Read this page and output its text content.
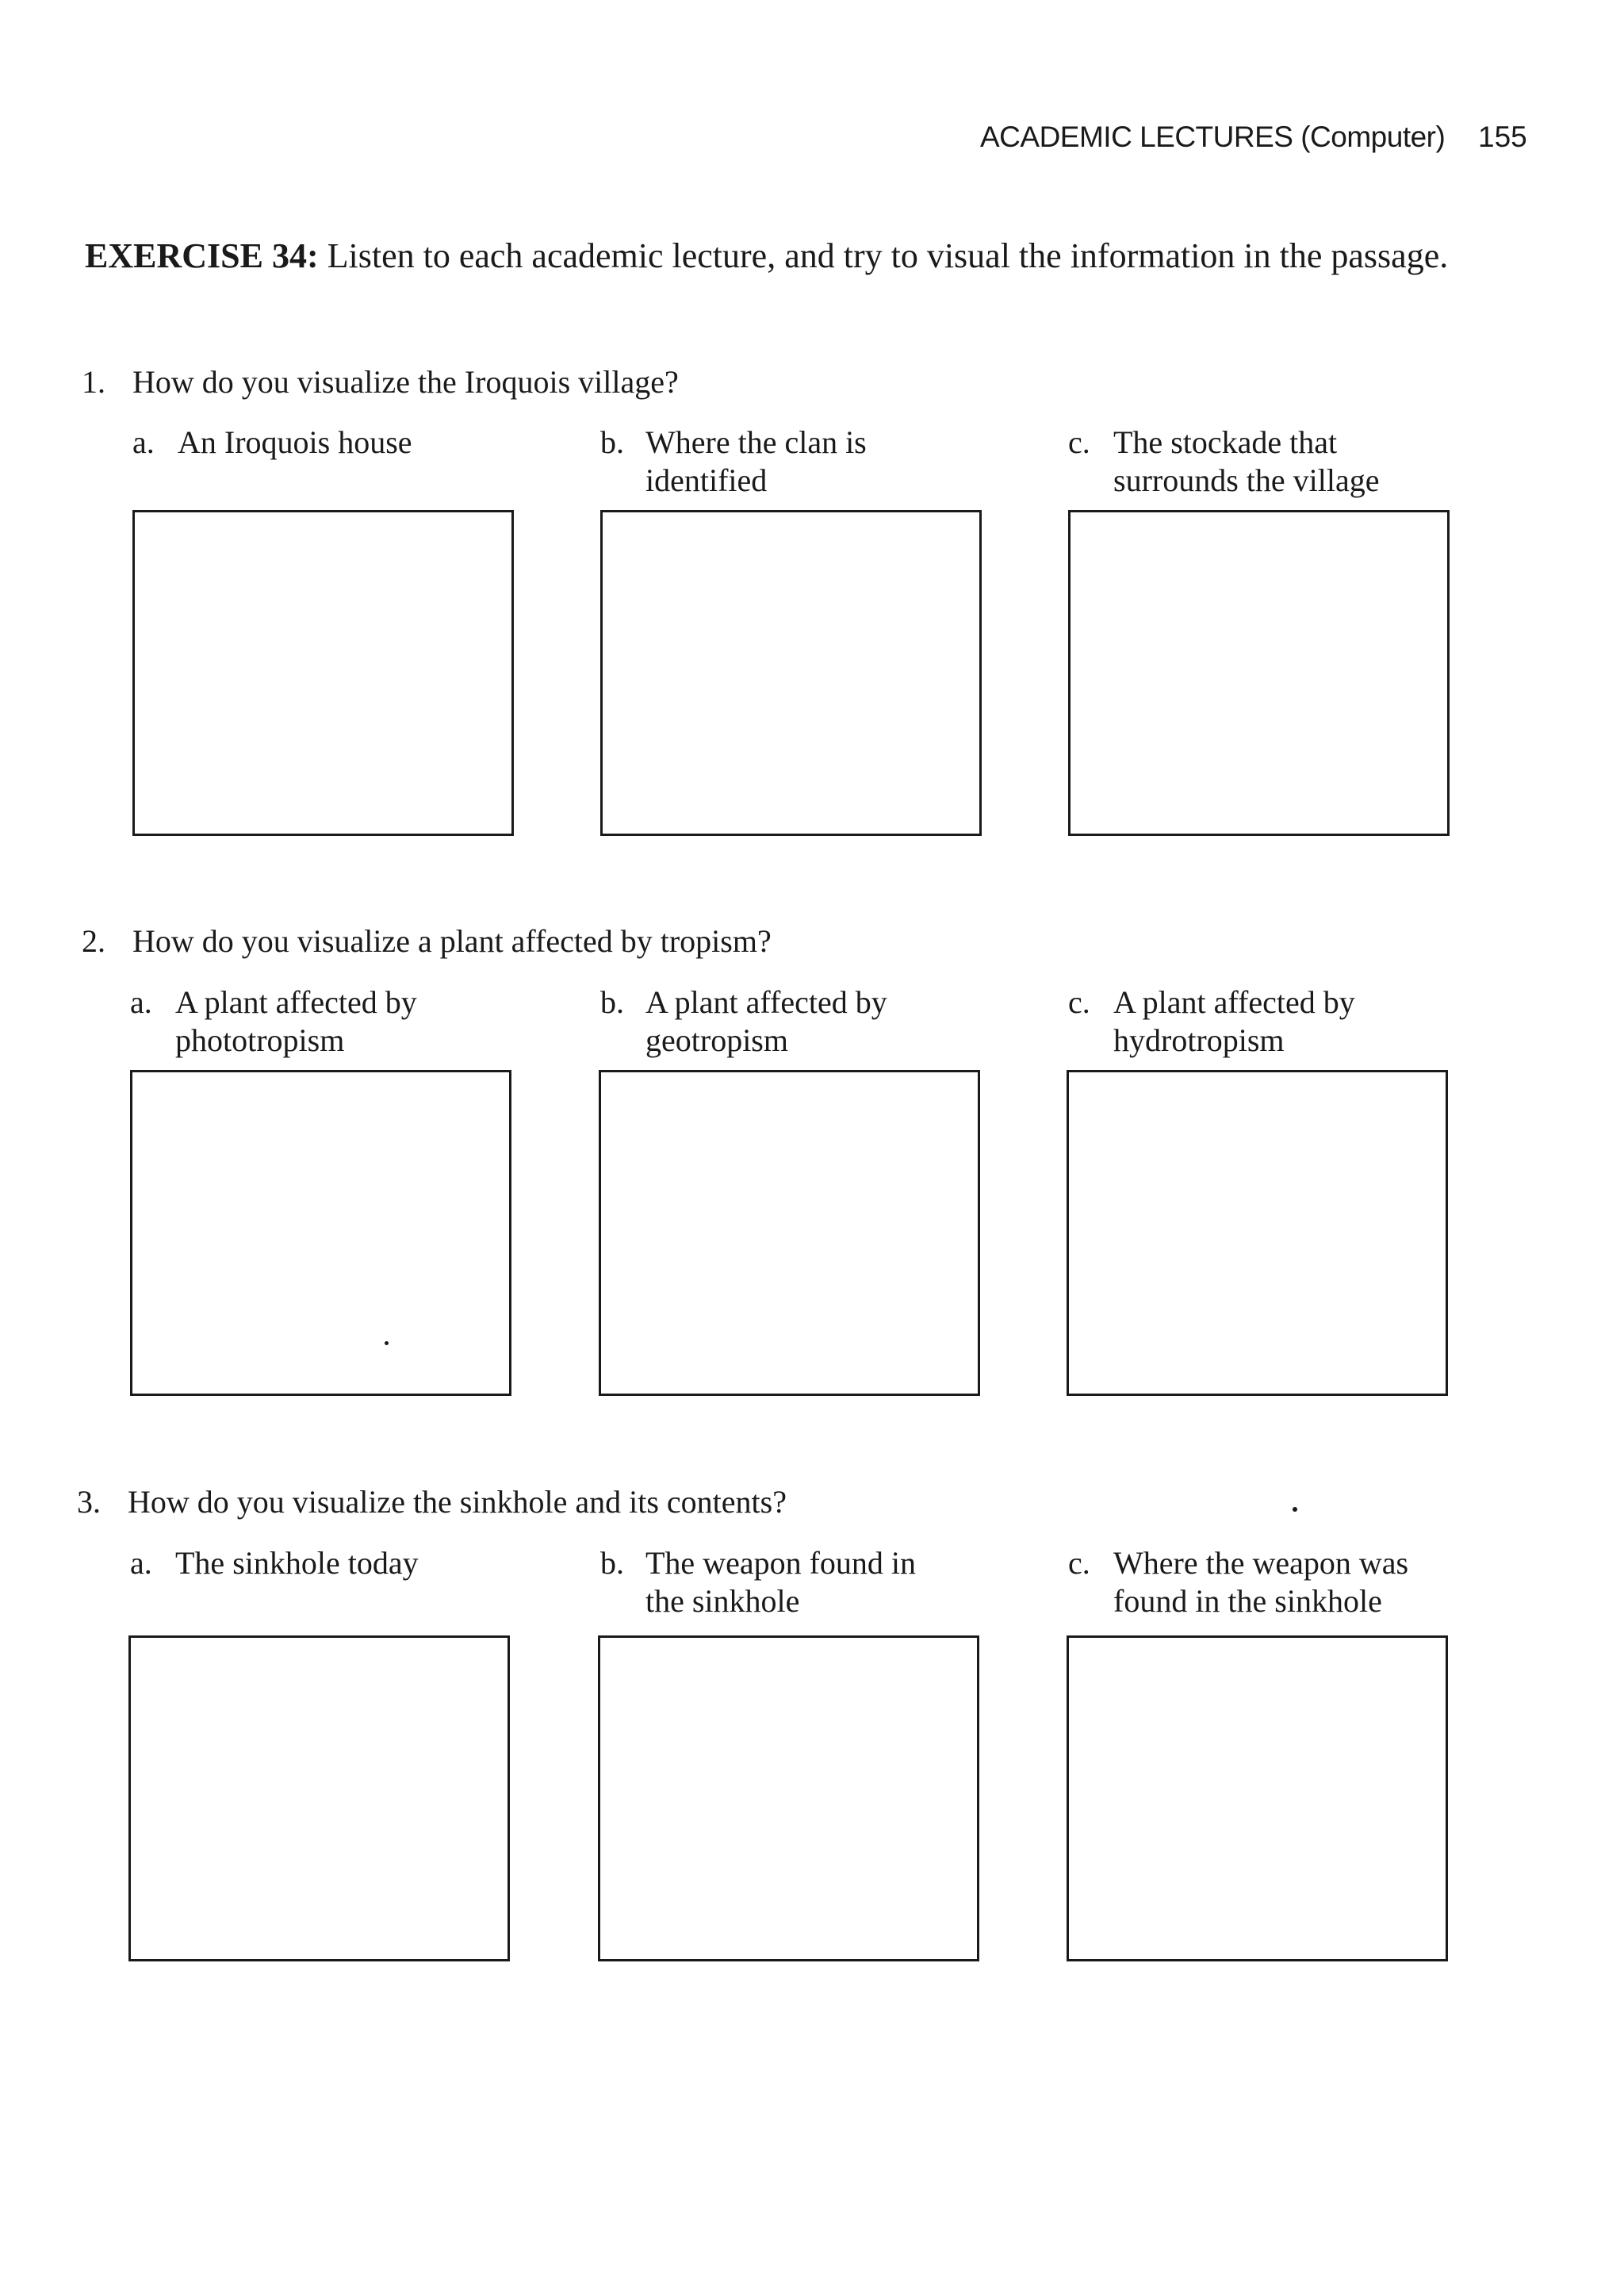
ACADEMIC LECTURES (Computer) 155
EXERCISE 34: Listen to each academic lecture, and try to visual the information in the passage.
1. How do you visualize the Iroquois village?
a. An Iroquois house	b. Where the clan is identified
c. The stockade that surrounds the village
2. How do you visualize a plant affected by tropism?
a. A plant affected by phototropism
b. A plant affected by geotropism
c. A plant affected by hydrotropism
3. How do you visualize the sinkhole and its contents?
a. The sinkhole today	b. The weapon found in the sinkhole
c. Where the weapon was found in the sinkhole
